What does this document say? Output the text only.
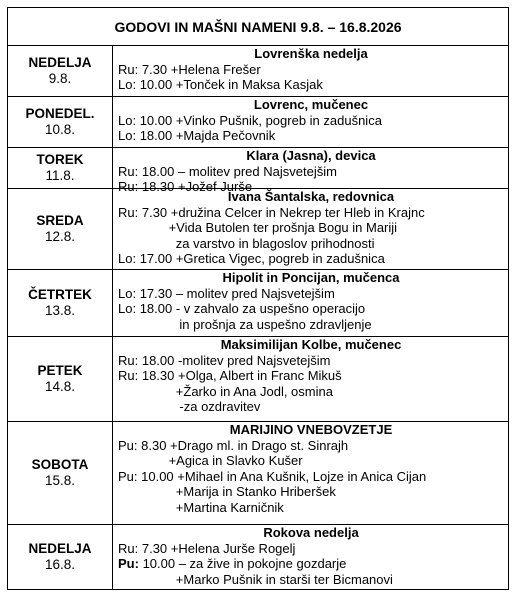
GODOVI IN MAŠNI NAMENI 9.8. – 16.8.2026
NEDELJA
9.8.
Lovrenška nedelja
Ru: 7.30 +Helena Frešer
Lo: 10.00 +Tonček in Maksa Kasjak
PONEDEL.
10.8.
Lovrenc, mučenec
Lo: 10.00 +Vinko Pušnik, pogreb in zadušnica
Lo: 18.00 +Majda Pečovnik
TOREK
11.8.
Klara (Jasna), devica
Ru: 18.00 – molitev pred Najsvetejšim
Ru: 18.30 +Jožef Jurše
SREDA
12.8.
Ivana Šantalska, redovnica
Ru: 7.30 +družina Celcer in Nekrep ter Hleb in Krajnc
+Vida Butolen ter prošnja Bogu in Mariji
za varstvo in blagoslov prihodnosti
Lo: 17.00 +Gretica Vigec, pogreb in zadušnica
ČETRTEK
13.8.
Hipolit in Poncijan, mučenca
Lo: 17.30 – molitev pred Najsvetejšim
Lo: 18.00 - v zahvalo za uspešno operacijo
in prošnja za uspešno zdravljenje
PETEK
14.8.
Maksimilijan Kolbe, mučenec
Ru: 18.00 -molitev pred Najsvetejšim
Ru: 18.30 +Olga, Albert in Franc Mikuš
+Žarko in Ana Jodl, osmina
-za ozdravitev
SOBOTA
15.8.
MARIJINO VNEBOVZETJE
Pu: 8.30 +Drago ml. in Drago st. Sinrajh
+Agica in Slavko Kušer
Pu: 10.00 +Mihael in Ana Kušnik, Lojze in Anica Cijan
+Marija in Stanko Hriberšek
+Martina Karničnik
NEDELJA
16.8.
Rokova nedelja
Ru: 7.30 +Helena Jurše Rogelj
Pu: 10.00 – za žive in pokojne gozdarje
+Marko Pušnik in starši ter Bicmanovi
